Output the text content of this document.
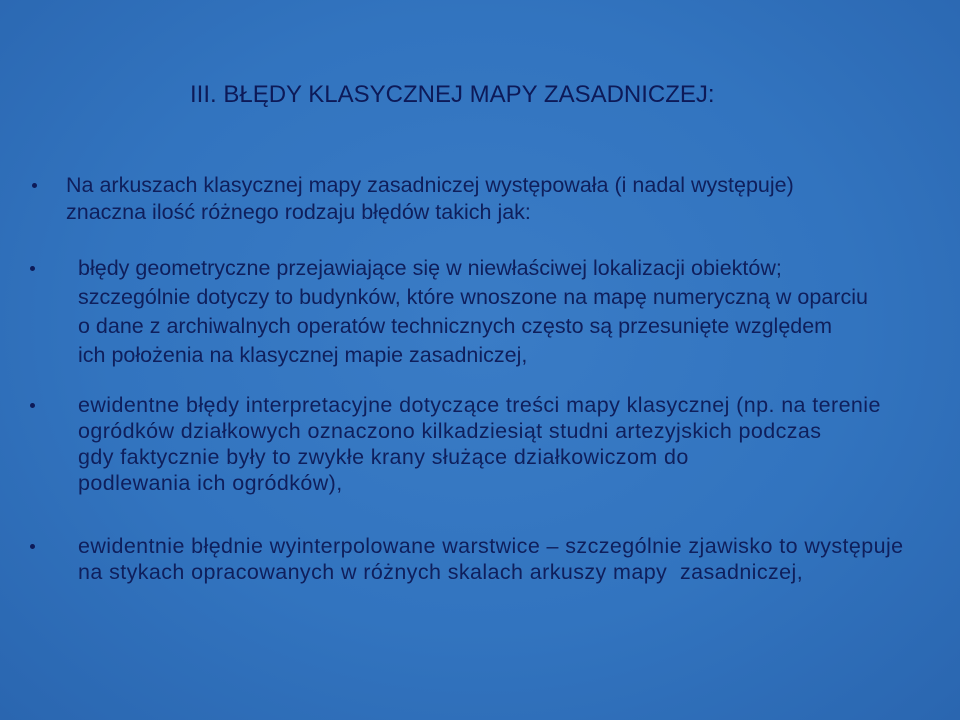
III. BŁĘDY KLASYCZNEJ MAPY ZASADNICZEJ:
Na arkuszach klasycznej mapy zasadniczej występowała (i nadal występuje)
znaczna ilość różnego rodzaju błędów takich jak:
błędy geometryczne przejawiające się w niewłaściwej lokalizacji obiektów;
szczególnie dotyczy to budynków, które wnoszone na mapę numeryczną w oparciu
o dane z archiwalnych operatów technicznych często są przesunięte względem
ich położenia na klasycznej mapie zasadniczej,
ewidentne błędy interpretacyjne dotyczące treści mapy klasycznej (np. na terenie
ogródków działkowych oznaczono kilkadziesiąt studni artezyjskich podczas
gdy faktycznie były to zwykłe krany służące działkowiczom do
podlewania ich ogródków),
ewidentnie błędnie wyinterpolowane warstwice – szczególnie zjawisko to występuje
na stykach opracowanych w różnych skalach arkuszy mapy  zasadniczej,
